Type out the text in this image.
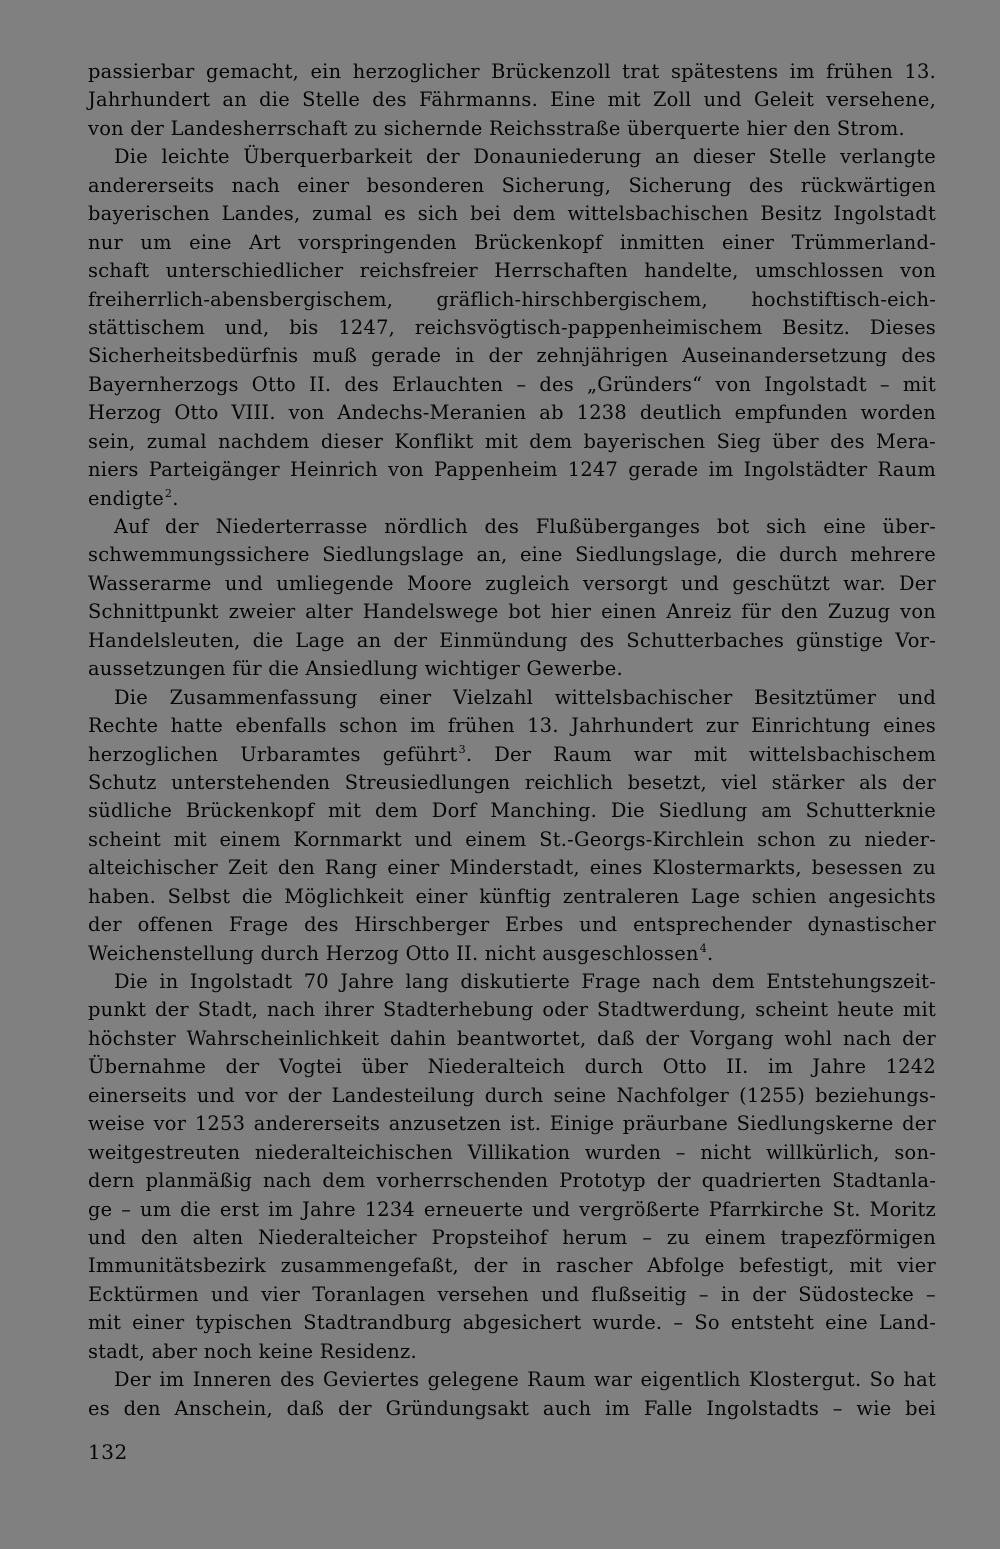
passierbar gemacht, ein herzoglicher Brückenzoll trat spätestens im frühen 13.
Jahrhundert an die Stelle des Fährmanns. Eine mit Zoll und Geleit versehene,
von der Landesherrschaft zu sichernde Reichsstraße überquerte hier den Strom.
Die leichte Überquerbarkeit der Donauniederung an dieser Stelle verlangte
andererseits nach einer besonderen Sicherung, Sicherung des rückwärtigen
bayerischen Landes, zumal es sich bei dem wittelsbachischen Besitz Ingolstadt
nur um eine Art vorspringenden Brückenkopf inmitten einer Trümmerland-
schaft unterschiedlicher reichsfreier Herrschaften handelte, umschlossen von
freiherrlich-abensbergischem, gräflich-hirschbergischem, hochstiftisch-eich-
stättischem und, bis 1247, reichsvögtisch-pappenheimischem Besitz. Dieses
Sicherheitsbedürfnis muß gerade in der zehnjährigen Auseinandersetzung des
Bayernherzogs Otto II. des Erlauchten – des „Gründers“ von Ingolstadt – mit
Herzog Otto VIII. von Andechs-Meranien ab 1238 deutlich empfunden worden
sein, zumal nachdem dieser Konflikt mit dem bayerischen Sieg über des Mera-
niers Parteigänger Heinrich von Pappenheim 1247 gerade im Ingolstädter Raum
endigte$^2$.
Auf der Niederterrasse nördlich des Flußüberganges bot sich eine über-
schwemmungssichere Siedlungslage an, eine Siedlungslage, die durch mehrere
Wasserarme und umliegende Moore zugleich versorgt und geschützt war. Der
Schnittpunkt zweier alter Handelswege bot hier einen Anreiz für den Zuzug von
Handelsleuten, die Lage an der Einmündung des Schutterbaches günstige Vor-
aussetzungen für die Ansiedlung wichtiger Gewerbe.
Die Zusammenfassung einer Vielzahl wittelsbachischer Besitztümer und
Rechte hatte ebenfalls schon im frühen 13. Jahrhundert zur Einrichtung eines
herzoglichen Urbaramtes geführt$^3$. Der Raum war mit wittelsbachischem
Schutz unterstehenden Streusiedlungen reichlich besetzt, viel stärker als der
südliche Brückenkopf mit dem Dorf Manching. Die Siedlung am Schutterknie
scheint mit einem Kornmarkt und einem St.-Georgs-Kirchlein schon zu nieder-
alteichischer Zeit den Rang einer Minderstadt, eines Klostermarkts, besessen zu
haben. Selbst die Möglichkeit einer künftig zentraleren Lage schien angesichts
der offenen Frage des Hirschberger Erbes und entsprechender dynastischer
Weichenstellung durch Herzog Otto II. nicht ausgeschlossen$^4$.
Die in Ingolstadt 70 Jahre lang diskutierte Frage nach dem Entstehungszeit-
punkt der Stadt, nach ihrer Stadterhebung oder Stadtwerdung, scheint heute mit
höchster Wahrscheinlichkeit dahin beantwortet, daß der Vorgang wohl nach der
Übernahme der Vogtei über Niederalteich durch Otto II. im Jahre 1242
einerseits und vor der Landesteilung durch seine Nachfolger (1255) beziehungs-
weise vor 1253 andererseits anzusetzen ist. Einige präurbane Siedlungskerne der
weitgestreuten niederalteichischen Villikation wurden – nicht willkürlich, son-
dern planmäßig nach dem vorherrschenden Prototyp der quadrierten Stadtanla-
ge – um die erst im Jahre 1234 erneuerte und vergrößerte Pfarrkirche St. Moritz
und den alten Niederalteicher Propsteihof herum – zu einem trapezförmigen
Immunitätsbezirk zusammengefaßt, der in rascher Abfolge befestigt, mit vier
Ecktürmen und vier Toranlagen versehen und flußseitig – in der Südostecke –
mit einer typischen Stadtrandburg abgesichert wurde. – So entsteht eine Land-
stadt, aber noch keine Residenz.
Der im Inneren des Geviertes gelegene Raum war eigentlich Klostergut. So hat
es den Anschein, daß der Gründungsakt auch im Falle Ingolstadts – wie bei
132
